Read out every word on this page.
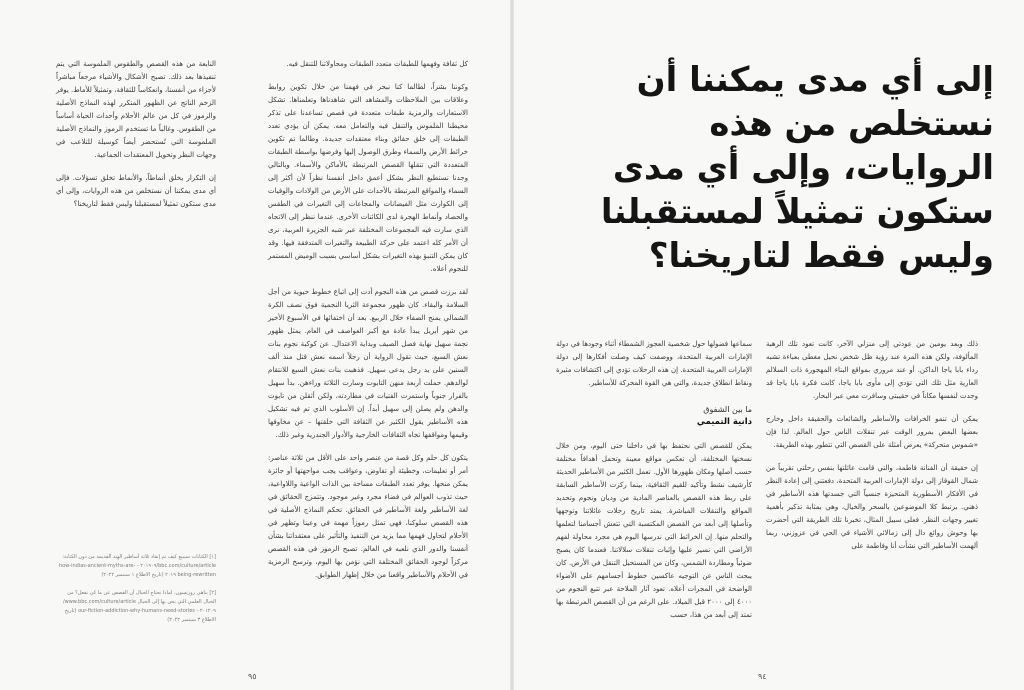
كل ثقافة وفهمها للطبقات متعدد الطبقات ومحاولاتنا للتنقل فيه.

وكوننا بشراً، لطالما كنا نبحر في فهمنا من خلال تكوين روابط وعلاقات بين الملاحظات والمشاهد التي شاهدناها وتعلمناها. تشكل الاستعارات والرمزية طبقات متعددة في قصص تساعدنا على تذكر محيطنا الملموس والتنقل فيه والتعامل معه. يمكن أن يؤدي تعدد الطبقات إلى خلق حقائق وبناء معتقدات جديدة. وطالما تم تكوين خرائط الأرض والسماء وطرق الوصول إليها وفرضها بواسطة الطبقات المتعددة التي تنقلها القصص المرتبطة بالأماكن والأسماء. وبالتالي وجدنا نستطيع النظر بشكل أعمق داخل أنفسنا نظراً لأن أكثر إلى السماء والمواقع المرتبطة بالأحداث على الأرض من الولادات والوفيات إلى الكوارث مثل الفيضانات والمجاعات إلى التغيرات في الطقس والحصاد وأنماط الهجرة لدى الكائنات الأخرى. عندما ننظر إلى الاتجاه الذي سارت فيه المجموعات المختلفة عبر شبه الجزيرة العربية، نرى أن الأمر كله اعتمد على حركة الطبيعة والتغيرات المتدفقة فيها. وقد كان يمكن التنبؤ بهذه التغيرات بشكل أساسي بسبب الوميض المستمر للنجوم أعلاه.

لقد برزت قصص من هذه النجوم أدت إلى اتباع خطوط حيوية من أجل السلامة والبقاء. كان ظهور مجموعة الثريا النجمية فوق نصف الكرة الشمالي يمنح الصفاء خلال الربيع. بعد أن اختفائها في الأسبوع الأخير من شهر أبريل يبدأ عادة مع أكبر العواصف في العام. يمثل ظهور نجمة سهيل نهاية فصل الصيف وبداية الاعتدال. عن كوكبة نجوم بنات نعش السبع، حيث تقول الرواية أن رجلاً اسمه نعش قتل منذ ألف السنين على يد رجل يدعى سهيل. فذهبت بنات نعش السبع للانتقام لوالدهم. حملت أربعة منهن التابوت وسارت الثلاثة وراءهن. بدأ سهيل بالفرار جنوباً واستمرت الفتيات في مطاردته، ولكن أثقلن من تابوت والدهن ولم يصلن إلى سهيل أبداً. إن الأسلوب الذي تم فيه تشكيل هذه الأساطير يقول الكثير عن الثقافة التي خلقتها – عن مخاوفها وقيمها ومواقفها تجاه الثقافات الخارجية والأدوار الجندرية وغير ذلك.

يتكون كل حلم وكل قصة من عنصر واحد على الأقل من ثلاثة عناصر: أمر أو تعليمات، وخطيئة أو تفاوض، وعواقب يجب مواجهتها أو جائزة يمكن منحها. يوفر تعدد الطبقات مساحة بين الذات الواعية واللاواعية، حيث تذوب العوالم في فضاء مجرد وغير موجود. وتتمزج الحقائق في لغة الأساطير ولغة الأساطير في الحقائق. تحكم النماذج الأصلية في هذه القصص سلوكنا، فهي تمثل رموزاً مهمة في وعينا وتظهر في الأحلام لتحاول فهمها مما يزيد من التنفيذ والتأثير على معتقداتنا بشأن أنفسنا والدور الذي نلعبه في العالم. تصبح الرموز في هذه القصص مركزاً لوجود الحقائق المختلفة التي نؤمن بها اليوم، وترسخ الرمزية في الأحلام والأساطير واقعنا من خلال إظهار الطوابق.

النابعة من هذه القصص والطقوس الملموسة التي يتم تنفيذها بعد ذلك. تصبح الأشكال والأشياء مرجعاً مباشراً لأجزاء من أنفسنا، وانعكاساً للثقافة، وتمثيلاً للأماط. يوفر الزخم الناتج عن الظهور المتكرر لهذه النماذج الأصلية والرموز في كل من عالم الأحلام وأحداث الحياة أساساً من الطقوس. وغالباً ما تستخدم الرموز والنماذج الأصلية الملموسة التي تُستحضر أيضاً كوسيلة للتلاعب في وجهات النظر وتحويل المعتقدات الجماعية.

إن التكرار يخلق أنماطاً، والأنماط تخلق تسؤلات. فإلى أي مدى يمكننا أن نستخلص من هذه الروايات، وإلى أي مدى ستكون تمثيلاً لمستقبلنا وليس فقط لتاريخنا؟

[١] الكتابات سيبيع كيف تم إنقاذ ثلاثة أساطير الهند القديمة من دون الكتابة: bbc.com/culture/article/٢٠١٩٠٩ - how-indias-ancient-myths-are-being-rewritten ٢٠١٩ (تاريخ الاطلاع ١ سبتمبر ٢٠٢٢)

[٢] بناهي روزنسون، لماذا نحتاج الخيال أن القصص عن ما كي نفعل؟ من الخيال العلمي التي نحن بها إلى الخيال www.bbc.com/culture/article/٢٠١٢٠٩ - our-fiction-addiction-why-humans-need-stories (تاريخ الاطلاع ٣ سبتمبر ٢٠٢٢)

إلى أي مدى يمكننا أن نستخلص من هذه الروايات، وإلى أي مدى ستكون تمثيلاً لمستقبلنا وليس فقط لتاريخنا؟

ذلك وبعد يومين من عودتي إلى منزلي الآخر، كانت تعود تلك الرهبة المألوفة، ولكن هذه المرة عند رؤية ظل شخص نحيل مغطى بعباءة تشبه رداء بابا ياجا الداكن. أو عند مروري بمواقع البناء المهجورة ذات السلالم العارية مثل تلك التي تؤدي إلى مأوى بابا ياجا، كانت فكرة بابا ياجا قد وجدت لنفسها مكاناً في حقيبتي وسافرت معي عبر البحار.

يمكن أن تنمو الخرافات والأساطير والشائعات والحقيقة داخل وخارج بعضها البعض بمرور الوقت عبر تنقلات الناس حول العالم. لذا فإن «شموس متحركة» يعرض أمثلة على القصص التي تتطور بهذه الطريقة.

إن حقيقة أن الفنانة فاطمة، والتي قامت عائلتها بنفس رحلتي تقريباً من شمال القوقاز إلى دولة الإمارات العربية المتحدة، دفعتني إلى إعادة النظر في الأفكار الأسطورية المتحيزة جنسياً التي جسدتها هذه الأساطير في ذهني. يرتبط كلا الموضوعين بالسحر والخيال، وهي بمثابة تذكير بأهمية تغيير وجهات النظر. فعلى سبيل المثال، تخبرنا تلك الطريقة التي أحضرت بها وحوش روائع دال إلى زمالائي الأشياء في الحي في عزوزني، ربما ألهمت الأساطير التي نشأت أنا وفاطمة على

سماعها فضولها حول شخصية العجوز الشمطاء أثناء وجودها في دولة الإمارات العربية المتحدة، ووصفت كيف وصلت أفكارها إلى دولة الإمارات العربية المتحدة. إن هذه الرحلات تؤدي إلى اكتشافات مثيرة ونقاط انطلاق جديدة، والتي هي القوة المحركة للأساطير.

ما بين الشفوق
دانية التميمي

يمكن للقصص التي نحتفظ بها في داخلنا حتى اليوم، ومن خلال نسختها المختلفة، أن تعكس مواقع معينة وتحمل أهدافاً مختلفة حسب أصلها ومكان ظهورها الأول. تعمل الكثير من الأساطير الحديثة كأرشيف نشط وتأكيد للقيم الثقافية، بينما ركزت الأساطير السابقة على ربط هذه القصص بالعناصر المادية من وديان ونجوم وتحديد المواقع والتنقلات المباشرة. يمتد تاريخ رحلات عائلاتنا وتوجهها وتأصلها إلى أبعد من القصص المكتسبة التي تتعش أجسامنا لتعلمها والتحلم منها. إن الخرائط التي ندرسها اليوم هي مجرد محاولة لفهم الأراضي التي نسير عليها وإثبات تنقلات سلالاتنا. فعندما كان يصبح ضوئياً ومطاردة الشمس، وكان من المستحيل التنقل في الأرض. كان يبحث الناس عن التوجيه عاكسين خطوط أجسامهم على الأضواء الواضحة في المجرات أعلاه. تعود آثار الملاحة عبر تتبع النجوم من ٤٠٠٠ إلى ٢٠٠٠ قبل الميلاد. على الرغم من أن القصص المرتبطة بها تمتد إلى أبعد من هذا، حسب

٩٥	٩٤
